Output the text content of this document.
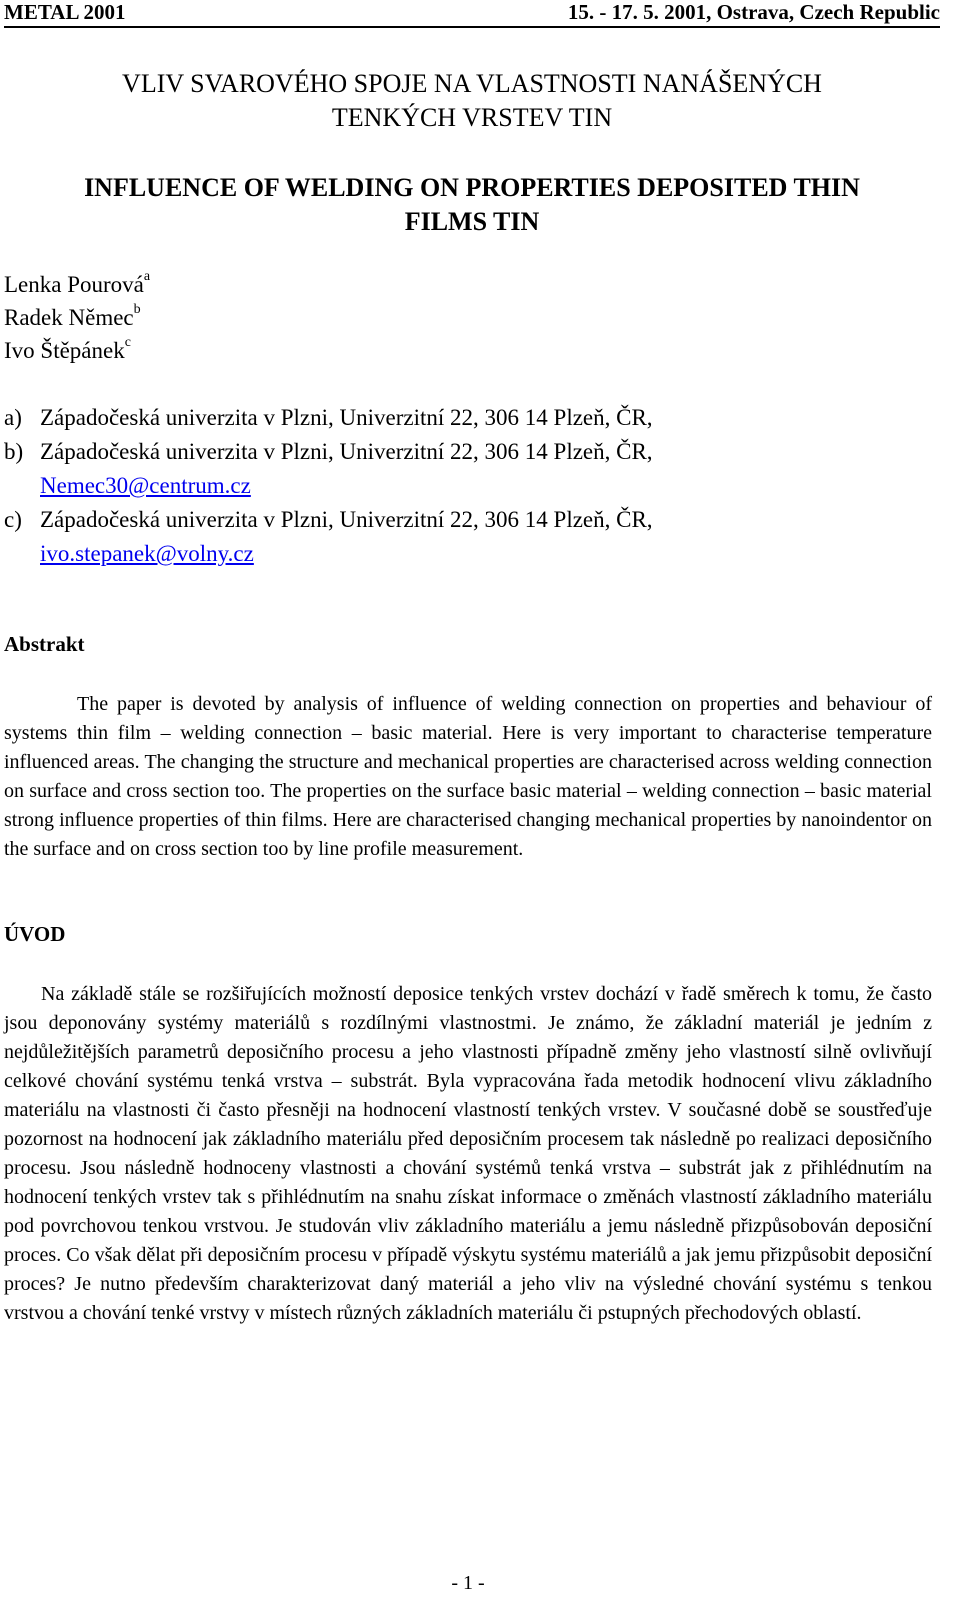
METAL 2001	15. - 17. 5. 2001, Ostrava, Czech Republic
VLIV SVAROVÉHO SPOJE NA VLASTNOSTI NANÁŠENÝCH
TENKÝCH VRSTEV TIN
INFLUENCE OF WELDING ON PROPERTIES DEPOSITED THIN
FILMS TIN
Lenka Pourová$^a$
Radek Němec$^b$
Ivo Štěpánek$^c$
a) Západočeská univerzita v Plzni, Univerzitní 22, 306 14 Plzeň, ČR,
b) Západočeská univerzita v Plzni, Univerzitní 22, 306 14 Plzeň, ČR,
Nemec30@centrum.cz
c) Západočeská univerzita v Plzni, Univerzitní 22, 306 14 Plzeň, ČR,
ivo.stepanek@volny.cz
Abstrakt

The paper is devoted by analysis of influence of welding connection on properties and behaviour of systems thin film – welding connection – basic material. Here is very important to characterise temperature influenced areas. The changing the structure and mechanical properties are characterised across welding connection on surface and cross section too. The properties on the surface basic material – welding connection – basic material strong influence properties of thin films. Here are characterised changing mechanical properties by nanoindentor on the surface and on cross section too by line profile measurement.

ÚVOD

Na základě stále se rozšiřujících možností deposice tenkých vrstev dochází v řadě směrech k tomu, že často jsou deponovány systémy materiálů s rozdílnými vlastnostmi. Je známo, že základní materiál je jedním z nejdůležitějších parametrů deposičního procesu a jeho vlastnosti případně změny jeho vlastností silně ovlivňují celkové chování systému tenká vrstva – substrát. Byla vypracována řada metodik hodnocení vlivu základního materiálu na vlastnosti či často přesněji na hodnocení vlastností tenkých vrstev. V současné době se soustřeďuje pozornost na hodnocení jak základního materiálu před deposičním procesem tak následně po realizaci deposičního procesu. Jsou následně hodnoceny vlastnosti a chování systémů tenká vrstva – substrát jak z přihlédnutím na hodnocení tenkých vrstev tak s přihlédnutím na snahu získat informace o změnách vlastností základního materiálu pod povrchovou tenkou vrstvou. Je studován vliv základního materiálu a jemu následně přizpůsobován deposiční proces. Co však dělat při deposičním procesu v případě výskytu systému materiálů a jak jemu přizpůsobit deposiční proces? Je nutno především charakterizovat daný materiál a jeho vliv na výsledné chování systému s tenkou vrstvou a chování tenké vrstvy v místech různých základních materiálu či pstupných přechodových oblastí.

- 1 -
